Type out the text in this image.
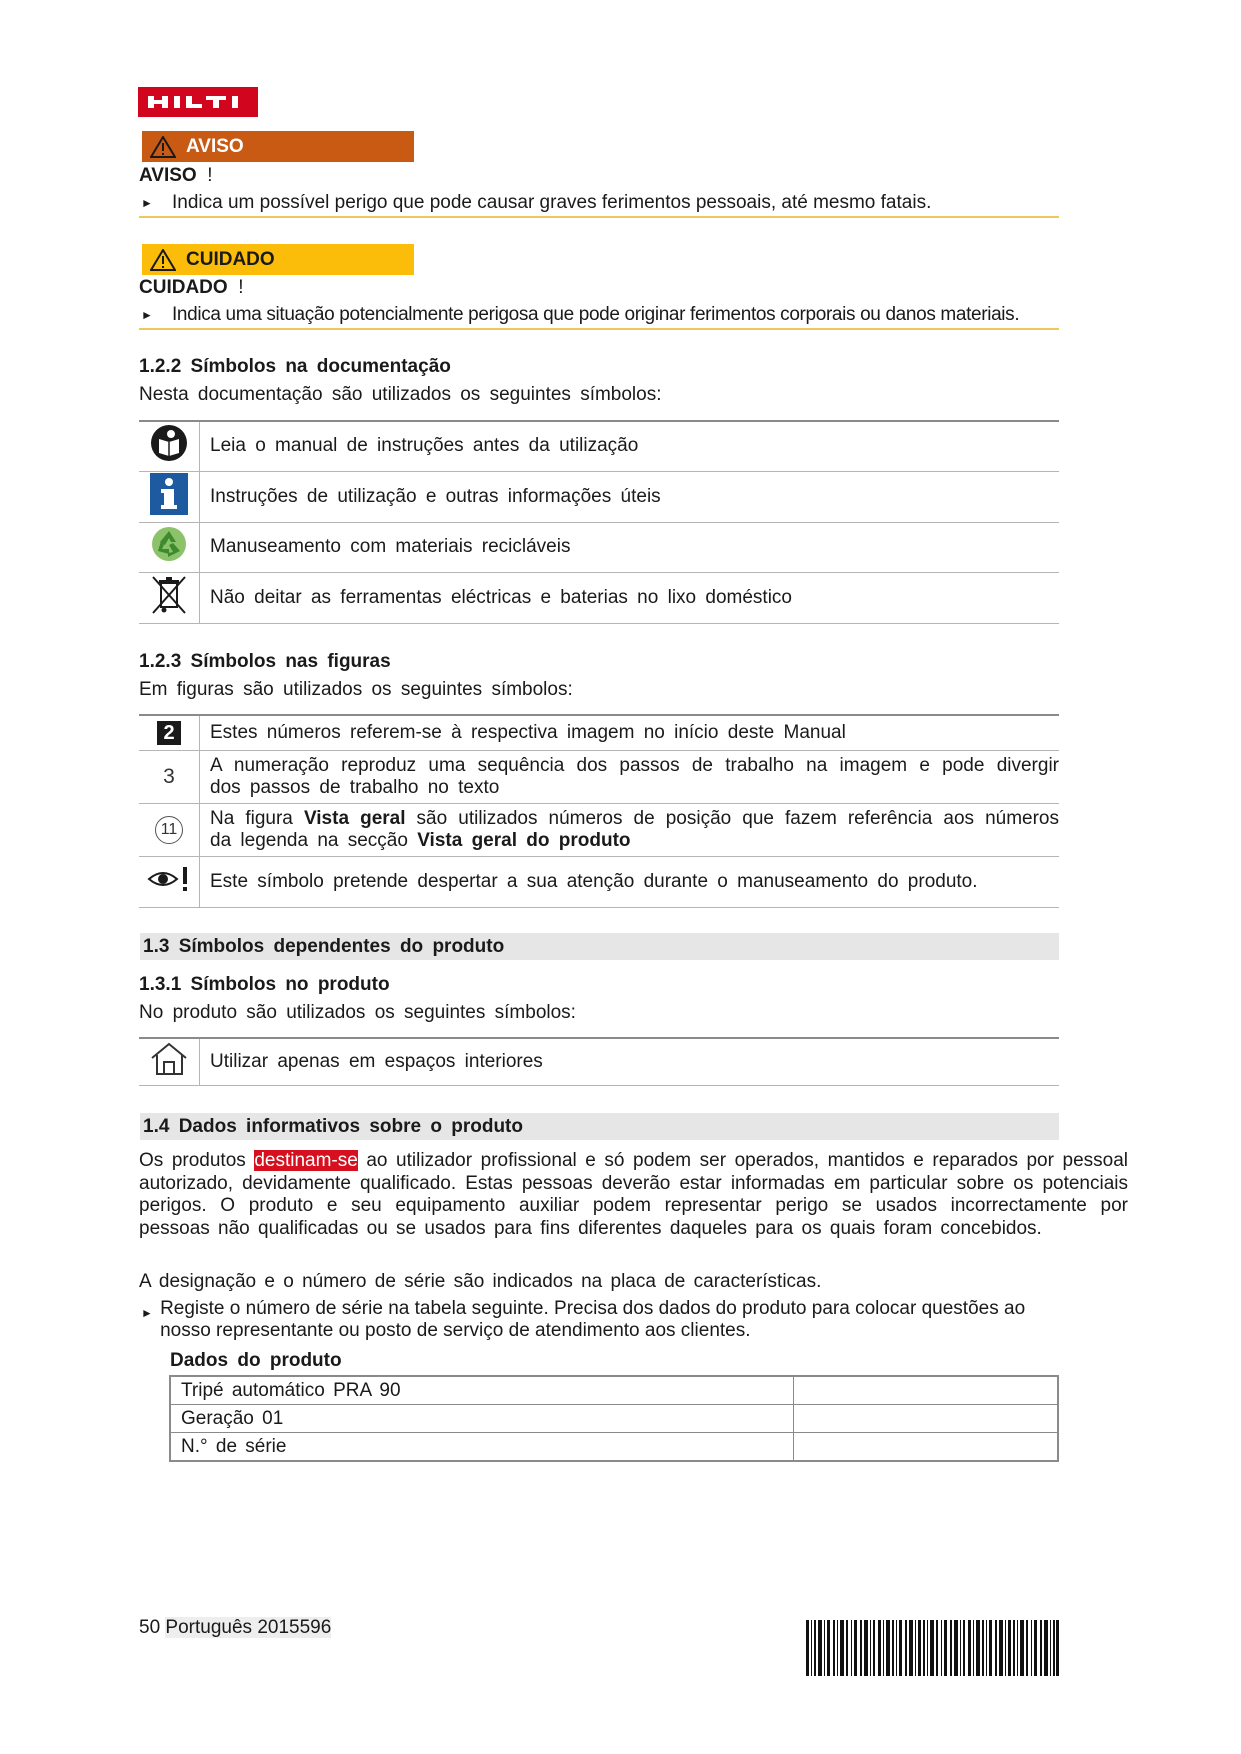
AVISO
AVISO !
►	Indica um possível perigo que pode causar graves ferimentos pessoais, até mesmo fatais.
CUIDADO
CUIDADO !
►	Indica uma situação potencialmente perigosa que pode originar ferimentos corporais ou danos materiais.
1.2.2 Símbolos na documentação

Nesta documentação são utilizados os seguintes símbolos:

	Leia o manual de instruções antes da utilização
	Instruções de utilização e outras informações úteis
	Manuseamento com materiais recicláveis
	Não deitar as ferramentas eléctricas e baterias no lixo doméstico
1.2.3 Símbolos nas figuras

Em figuras são utilizados os seguintes símbolos:

2	Estes números referem-se à respectiva imagem no início deste Manual
3	A numeração reproduz uma sequência dos passos de trabalho na imagem e pode divergir dos passos de trabalho no texto
11	Na figura Vista geral são utilizados números de posição que fazem referência aos números da legenda na secção Vista geral do produto
	Este símbolo pretende despertar a sua atenção durante o manuseamento do produto.
1.3 Símbolos dependentes do produto
1.3.1 Símbolos no produto

No produto são utilizados os seguintes símbolos:

	Utilizar apenas em espaços interiores
1.4 Dados informativos sobre o produto

Os produtos destinam-se ao utilizador profissional e só podem ser operados, mantidos e reparados por pessoal autorizado, devidamente qualificado. Estas pessoas deverão estar informadas em particular sobre os potenciais perigos. O produto e seu equipamento auxiliar podem representar perigo se usados incorrectamente por pessoas não qualificadas ou se usados para fins diferentes daqueles para os quais foram concebidos.

A designação e o número de série são indicados na placa de características.

► Registe o número de série na tabela seguinte. Precisa dos dados do produto para colocar questões ao nosso representante ou posto de serviço de atendimento aos clientes.
Dados do produto
Tripé automático PRA 90	
Geração 01	
N.° de série	
50 Português 2015596
